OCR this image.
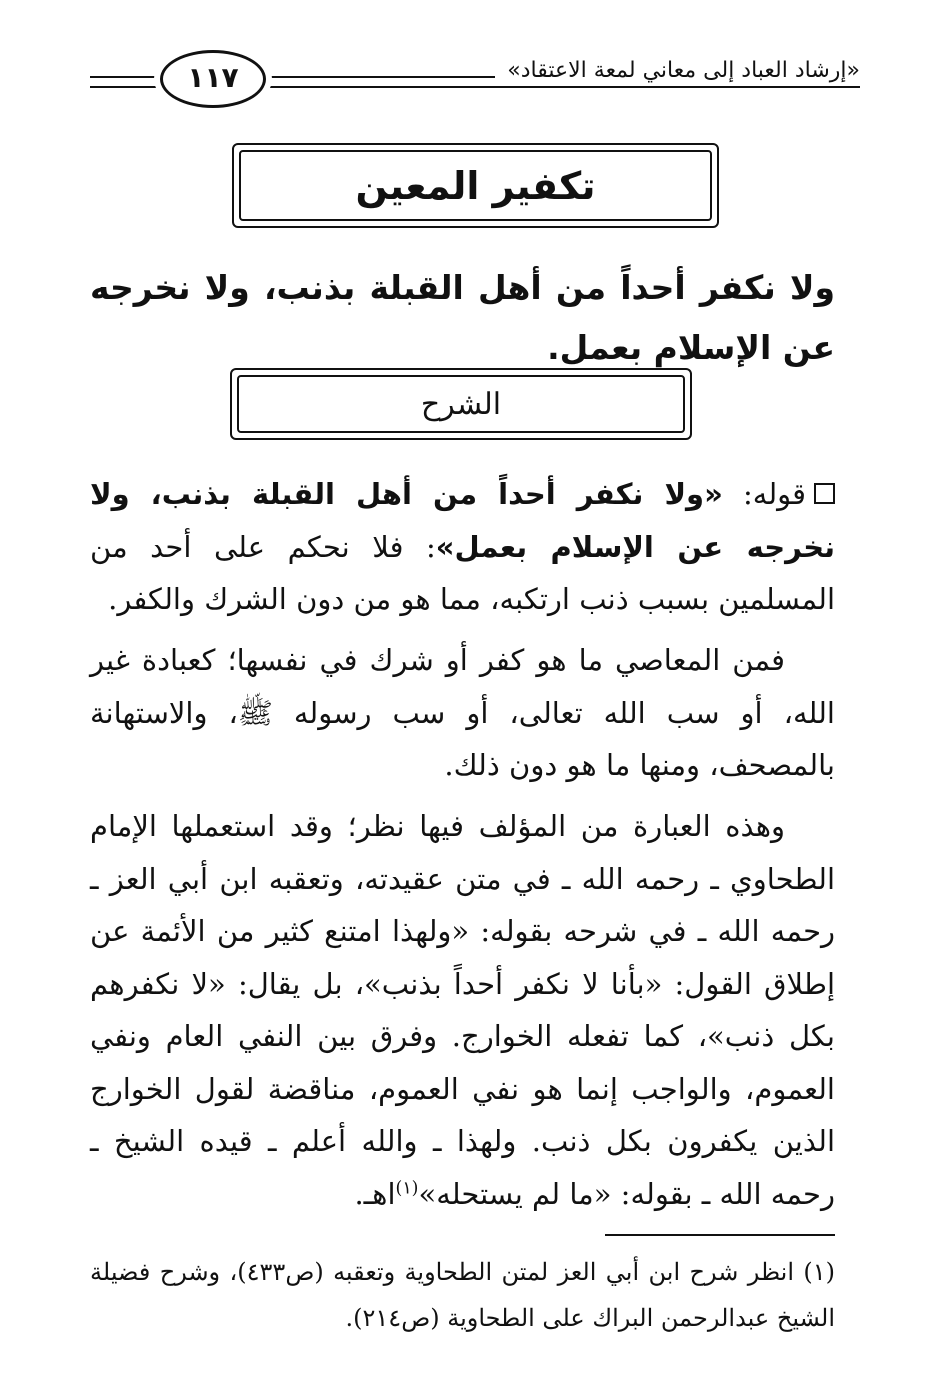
«إرشاد العباد إلى معاني لمعة الاعتقاد»
١١٧
تكفير المعين
ولا نكفر أحداً من أهل القبلة بذنب، ولا نخرجه عن الإسلام بعمل.
الشرح
قوله: «ولا نكفر أحداً من أهل القبلة بذنب، ولا نخرجه عن الإسلام بعمل»: فلا نحكم على أحد من المسلمين بسبب ذنب ارتكبه، مما هو من دون الشرك والكفر.
فمن المعاصي ما هو كفر أو شرك في نفسها؛ كعبادة غير الله، أو سب الله تعالى، أو سب رسوله ﷺ، والاستهانة بالمصحف، ومنها ما هو دون ذلك.
وهذه العبارة من المؤلف فيها نظر؛ وقد استعملها الإمام الطحاوي ـ رحمه الله ـ في متن عقيدته، وتعقبه ابن أبي العز ـ رحمه الله ـ في شرحه بقوله: «ولهذا امتنع كثير من الأئمة عن إطلاق القول: «بأنا لا نكفر أحداً بذنب»، بل يقال: «لا نكفرهم بكل ذنب»، كما تفعله الخوارج. وفرق بين النفي العام ونفي العموم، والواجب إنما هو نفي العموم، مناقضة لقول الخوارج الذين يكفرون بكل ذنب. ولهذا ـ والله أعلم ـ قيده الشيخ ـ رحمه الله ـ بقوله: «ما لم يستحله»$^{(١)}$اهـ.
(١) انظر شرح ابن أبي العز لمتن الطحاوية وتعقبه (ص٤٣٣)، وشرح فضيلة الشيخ عبدالرحمن البراك على الطحاوية (ص٢١٤).
